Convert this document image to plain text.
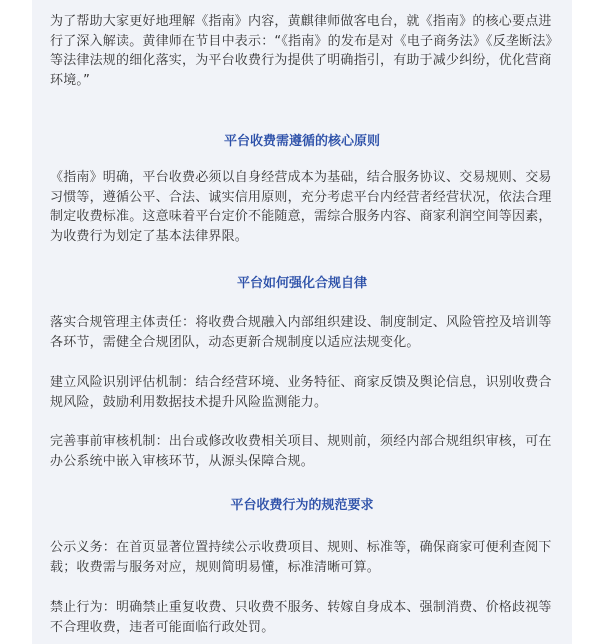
为了帮助大家更好地理解《指南》内容，黄麒律师做客电台，就《指南》的核心要点进行了深入解读。黄律师在节目中表示：“《指南》的发布是对《电子商务法》《反垄断法》等法律法规的细化落实，为平台收费行为提供了明确指引，有助于减少纠纷，优化营商环境。”

平台收费需遵循的核心原则

《指南》明确，平台收费必须以自身经营成本为基础，结合服务协议、交易规则、交易习惯等，遵循公平、合法、诚实信用原则，充分考虑平台内经营者经营状况，依法合理制定收费标准。这意味着平台定价不能随意，需综合服务内容、商家利润空间等因素，为收费行为划定了基本法律界限。

平台如何强化合规自律

落实合规管理主体责任：将收费合规融入内部组织建设、制度制定、风险管控及培训等各环节，需健全合规团队，动态更新合规制度以适应法规变化。

建立风险识别评估机制：结合经营环境、业务特征、商家反馈及舆论信息，识别收费合规风险，鼓励利用数据技术提升风险监测能力。

完善事前审核机制：出台或修改收费相关项目、规则前，须经内部合规组织审核，可在办公系统中嵌入审核环节，从源头保障合规。

平台收费行为的规范要求

公示义务：在首页显著位置持续公示收费项目、规则、标准等，确保商家可便利查阅下载；收费需与服务对应，规则简明易懂，标准清晰可算。

禁止行为：明确禁止重复收费、只收费不服务、转嫁自身成本、强制消费、价格歧视等不合理收费，违者可能面临行政处罚。
